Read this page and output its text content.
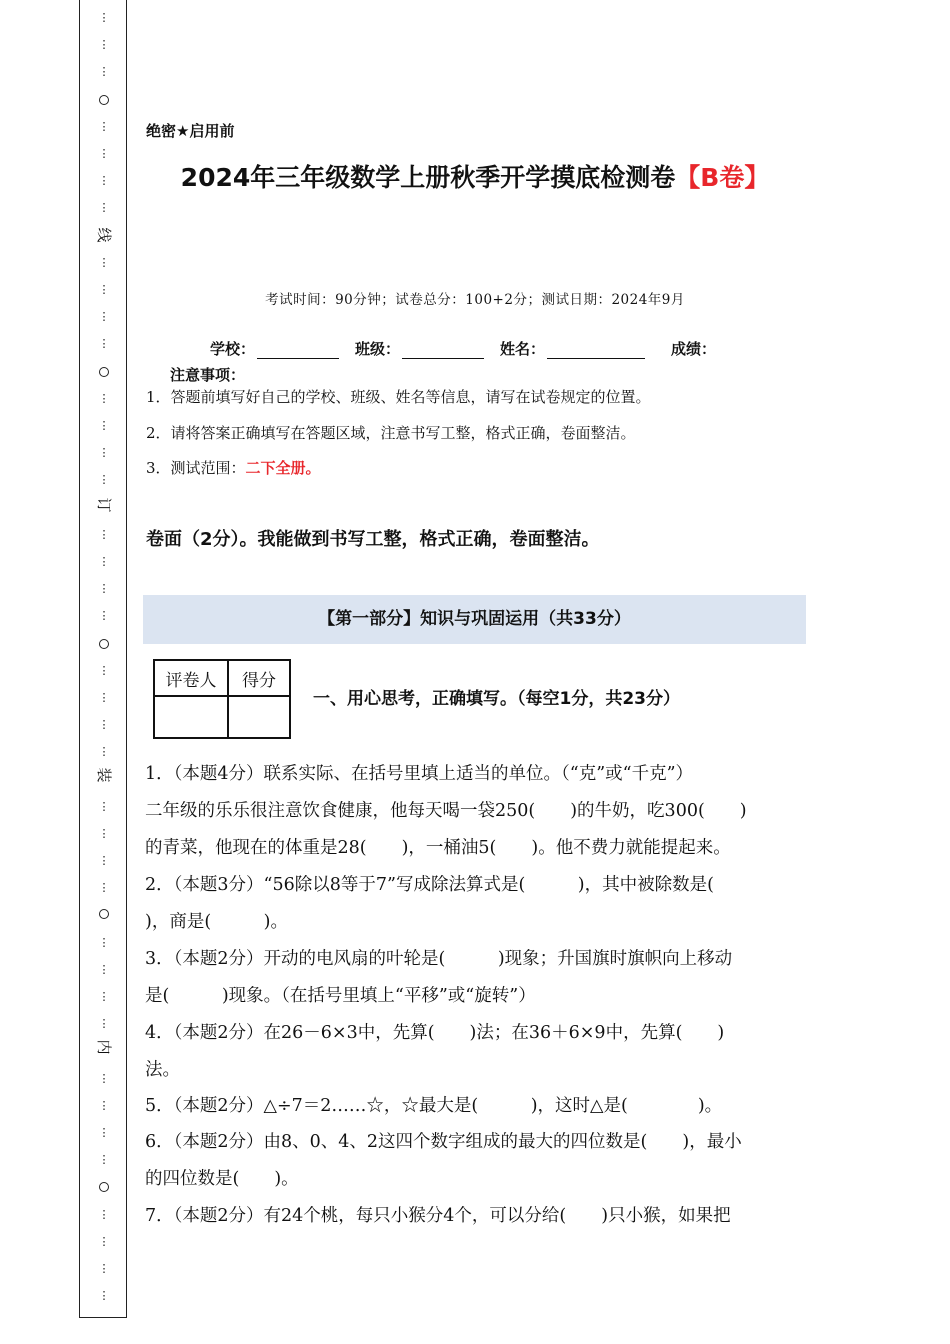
⋮
⋮
⋮
⋮
⋮
⋮
⋮
⋮
⋮
⋮
⋮
⋮
⋮
⋮
⋮
⋮
⋮
⋮
⋮
⋮
⋮
⋮
⋮
⋮
⋮
⋮
⋮
⋮
⋮
⋮
⋮
⋮
⋮
⋮
⋮
⋮
⋮
⋮
⋮
线
订
装
内
绝密★启用前
2024年三年级数学上册秋季开学摸底检测卷【B卷】
考试时间：90分钟；试卷总分：100+2分；测试日期：2024年9月
学校：	班级：	姓名：	成绩：
注意事项：
1．答题前填写好自己的学校、班级、姓名等信息，请写在试卷规定的位置。
2．请将答案正确填写在答题区域，注意书写工整，格式正确，卷面整洁。
3．测试范围：二下全册。
卷面（2分）。我能做到书写工整，格式正确，卷面整洁。
【第一部分】知识与巩固运用（共33分）
评卷人	得分

一、用心思考，正确填写。（每空1分，共23分）
1．（本题4分）联系实际、在括号里填上适当的单位。（“克”或“千克”）
二年级的乐乐很注意饮食健康，他每天喝一袋250(　　)的牛奶，吃300(　　)
的青菜，他现在的体重是28(　　)，一桶油5(　　)。他不费力就能提起来。
2．（本题3分）“56除以8等于7”写成除法算式是(　　　)，其中被除数是(
)，商是(　　　)。
3．（本题2分）开动的电风扇的叶轮是(　　　)现象；升国旗时旗帜向上移动
是(　　　)现象。（在括号里填上“平移”或“旋转”）
4．（本题2分）在26－6×3中，先算(　　)法；在36＋6×9中，先算(　　)
法。
5．（本题2分）△÷7＝2……☆，☆最大是(　　　)，这时△是(　　　　)。
6．（本题2分）由8、0、4、2这四个数字组成的最大的四位数是(　　)，最小
的四位数是(　　)。
7．（本题2分）有24个桃，每只小猴分4个，可以分给(　　)只小猴，如果把
